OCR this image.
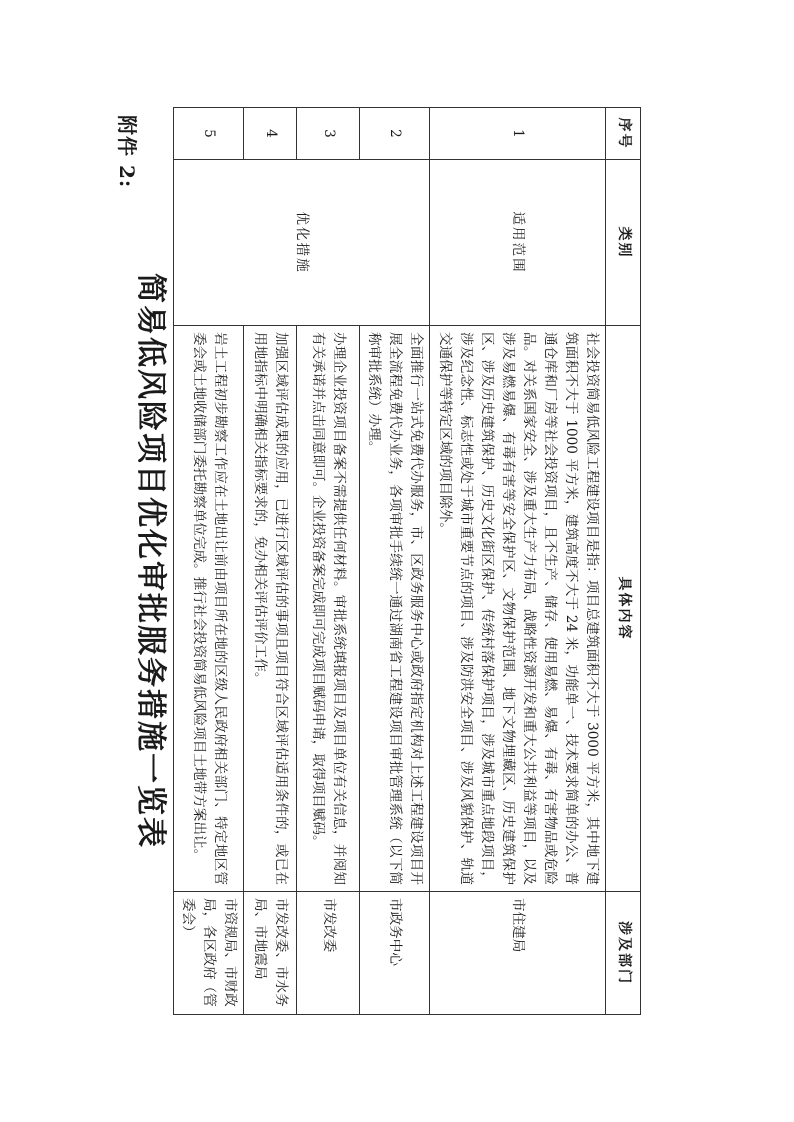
附件 2:
简易低风险项目优化审批服务措施一览表
序号	类别	具体内容	涉及部门
1	适用范围	社会投资简易低风险工程建设项目是指：项目总建筑面积不大于 3000 平方米，其中地下建筑面积不大于 1000 平方米，建筑高度不大于 24 米，功能单一、技术要求简单的办公、普通仓库和厂房等社会投资项目，且不生产、储存、使用易燃、易爆、有毒、有害物品或危险品。对关系国家安全、涉及重大生产力布局、战略性资源开发和重大公共利益等项目，以及涉及易燃易爆、有毒有害等安全保护区、文物保护范围、地下文物埋藏区、历史建筑保护区、涉及历史建筑保护、历史文化街区保护、传统村落保护项目，涉及城市重点地段项目，涉及纪念性、标志性或处于城市重要节点的项目、涉及防洪安全项目、涉及风貌保护、轨道交通保护等特定区域的项目除外。	市住建局
2	优化措施	全面推行一站式免费代办服务，市、区政务服务中心或政府指定机构对上述工程建设项目开展全流程免费代办业务，各项审批手续统一通过湖南省工程建设项目审批管理系统（以下简称审批系统）办理。	市政务中心
3		办理企业投资项目备案不需提供任何材料。审批系统填报项目及项目单位有关信息，并阅知有关承诺并点击同意即可。企业投资备案完成即可完成项目赋码申请，取得项目赋码。	市发改委
4		加强区域评估成果的应用，已进行区域评估的事项且项目符合区域评估适用条件的，或已在用地指标中明确相关指标要求的，免办相关评估评价工作。	市发改委、市水务局、市地震局
5		岩土工程初步勘察工作应在土地出让前由项目所在地的区级人民政府相关部门、特定地区管委会或土地收储部门委托勘察单位完成。推行社会投资简易低风险项目土地带方案出让。	市资规局、市财政局，各区政府（管委会）
